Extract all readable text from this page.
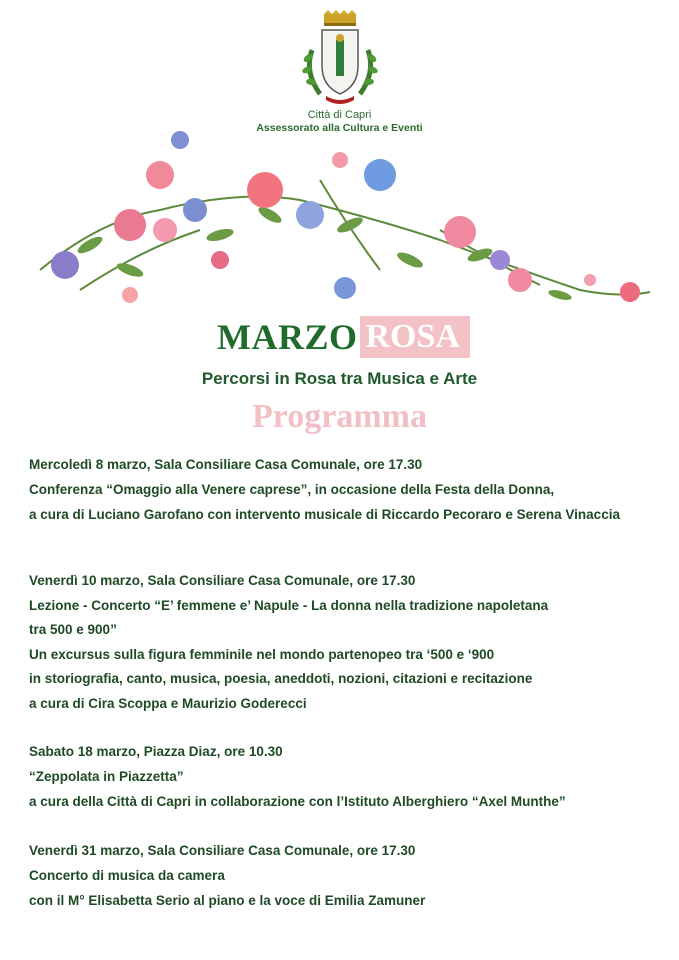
Città di Capri
Assessorato alla Cultura e Eventi
MARZO ROSA
Percorsi in Rosa tra Musica e Arte
Programma
Mercoledì 8 marzo, Sala Consiliare Casa Comunale, ore 17.30
Conferenza “Omaggio alla Venere caprese”, in occasione della Festa della Donna,
a cura di Luciano Garofano con intervento musicale di Riccardo Pecoraro e Serena Vinaccia
Venerdì 10 marzo, Sala Consiliare Casa Comunale, ore 17.30
Lezione - Concerto “E’ femmene e’ Napule - La donna nella tradizione napoletana
tra 500 e 900”
Un excursus sulla figura femminile nel mondo partenopeo tra ‘500 e ‘900
in storiografia, canto, musica, poesia, aneddoti, nozioni, citazioni e recitazione
a cura di Cira Scoppa e Maurizio Goderecci
Sabato 18 marzo, Piazza Diaz, ore 10.30
“Zeppolata in Piazzetta”
a cura della Città di Capri in collaborazione con l’Istituto Alberghiero “Axel Munthe”
Venerdì 31 marzo, Sala Consiliare Casa Comunale, ore 17.30
Concerto di musica da camera
con il M° Elisabetta Serio al piano e la voce di Emilia Zamuner
